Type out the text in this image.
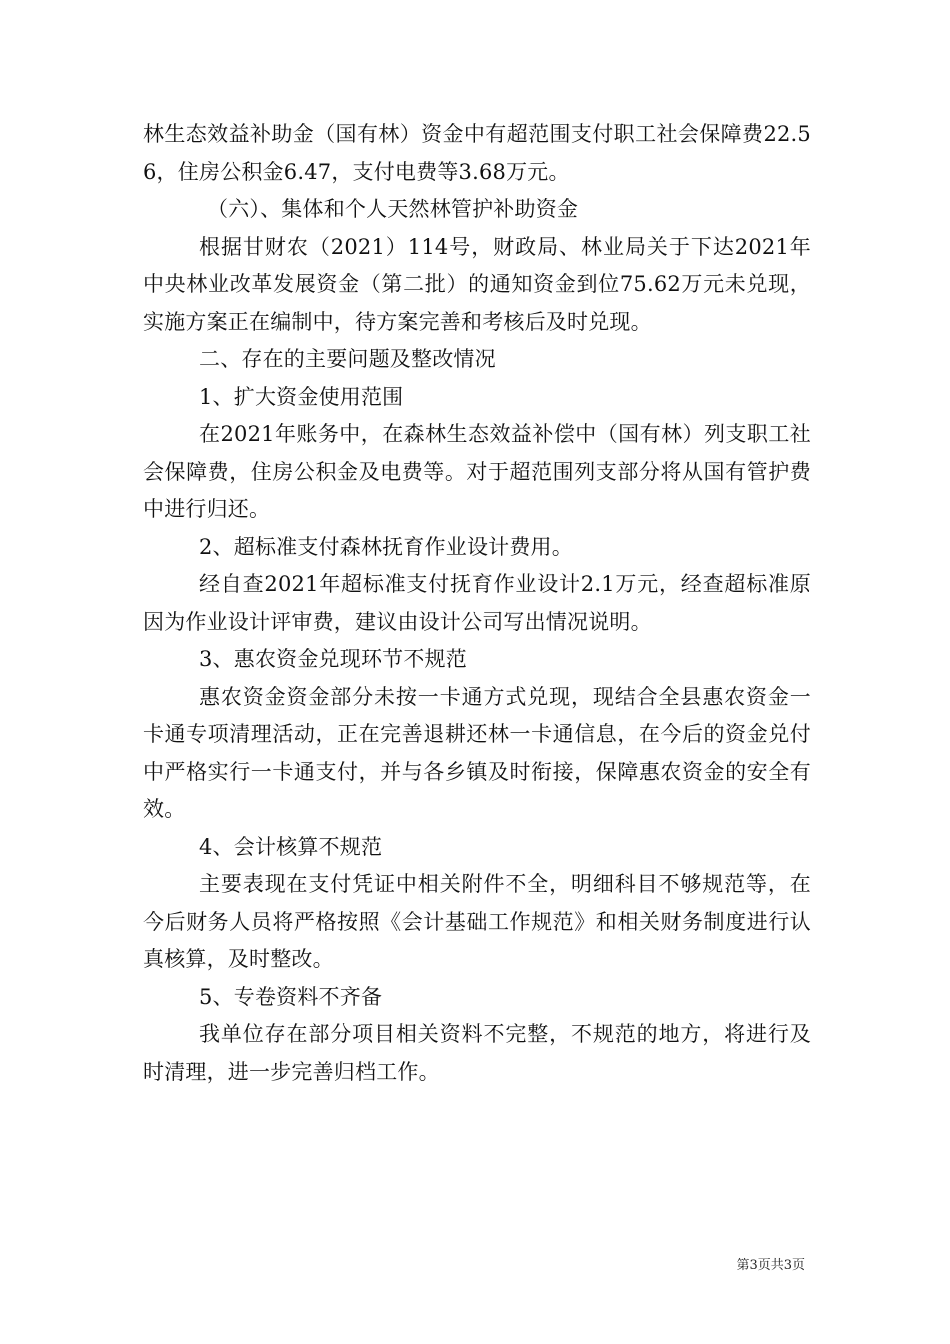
林生态效益补助金（国有林）资金中有超范围支付职工社会保障费22.56，住房公积金6.47，支付电费等3.68万元。

（六）、集体和个人天然林管护补助资金

根据甘财农（2021）114号，财政局、林业局关于下达2021年中央林业改革发展资金（第二批）的通知资金到位75.62万元未兑现，实施方案正在编制中，待方案完善和考核后及时兑现。

二、存在的主要问题及整改情况

1、扩大资金使用范围

在2021年账务中，在森林生态效益补偿中（国有林）列支职工社会保障费，住房公积金及电费等。对于超范围列支部分将从国有管护费中进行归还。

2、超标准支付森林抚育作业设计费用。

经自查2021年超标准支付抚育作业设计2.1万元，经查超标准原因为作业设计评审费，建议由设计公司写出情况说明。

3、惠农资金兑现环节不规范

惠农资金资金部分未按一卡通方式兑现，现结合全县惠农资金一卡通专项清理活动，正在完善退耕还林一卡通信息，在今后的资金兑付中严格实行一卡通支付，并与各乡镇及时衔接，保障惠农资金的安全有效。

4、会计核算不规范

主要表现在支付凭证中相关附件不全，明细科目不够规范等，在今后财务人员将严格按照《会计基础工作规范》和相关财务制度进行认真核算，及时整改。

5、专卷资料不齐备

我单位存在部分项目相关资料不完整，不规范的地方，将进行及时清理，进一步完善归档工作。

第3页共3页
